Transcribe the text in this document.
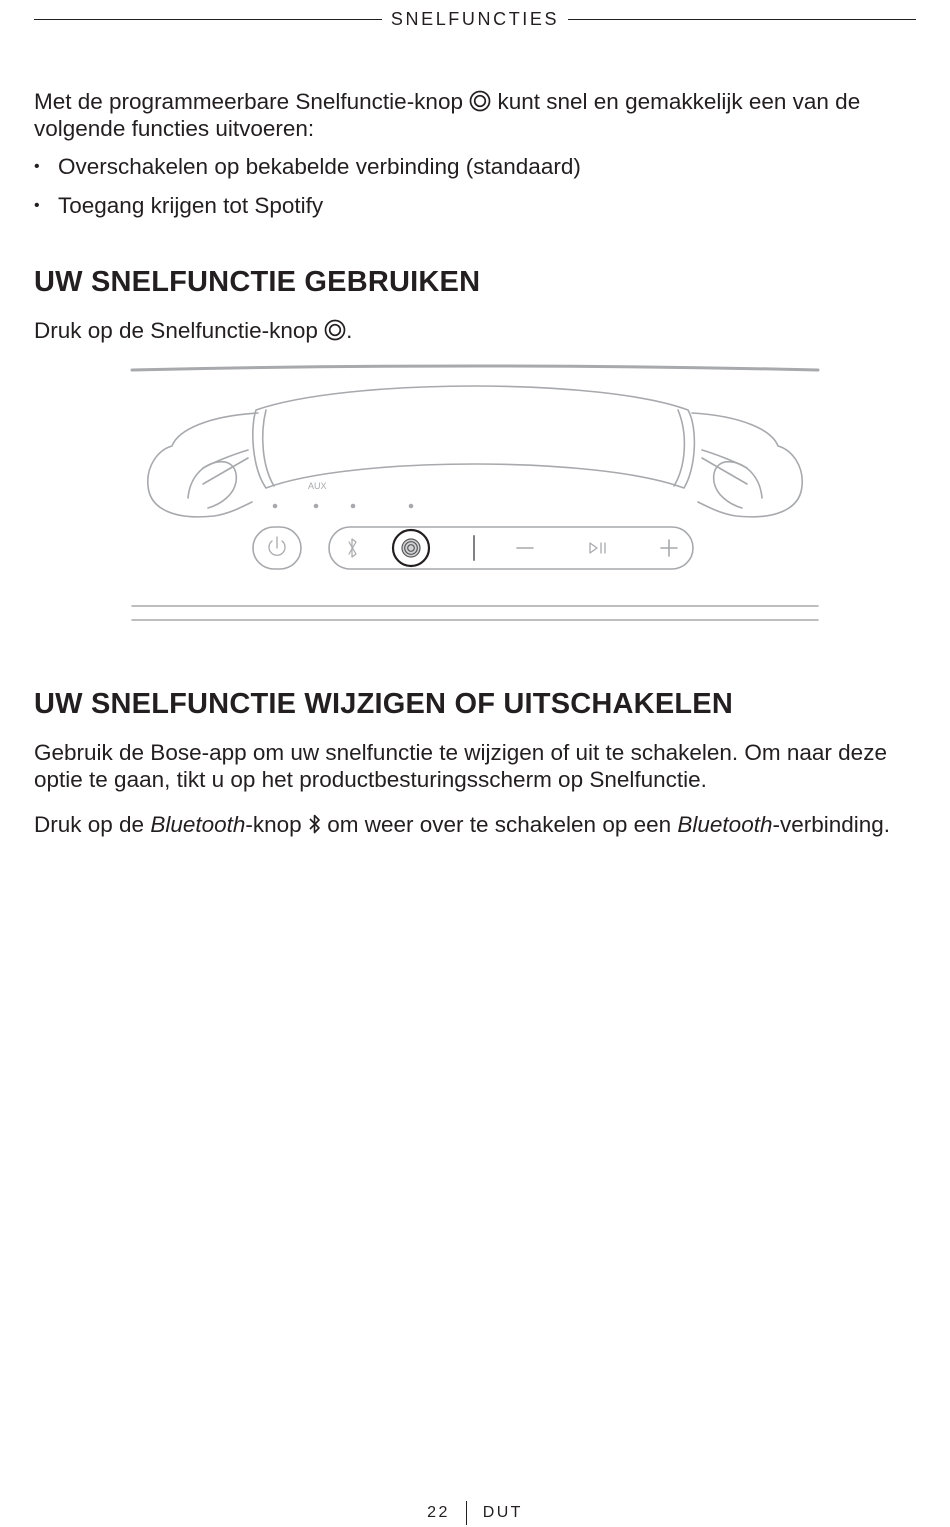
SNELFUNCTIES

Met de programmeerbare Snelfunctie-knop  kunt snel en gemakkelijk een van de volgende functies uitvoeren:

• Overschakelen op bekabelde verbinding (standaard)
• Toegang krijgen tot Spotify
UW SNELFUNCTIE GEBRUIKEN

Druk op de Snelfunctie-knop .

AUX
UW SNELFUNCTIE WIJZIGEN OF UITSCHAKELEN

Gebruik de Bose-app om uw snelfunctie te wijzigen of uit te schakelen. Om naar deze optie te gaan, tikt u op het productbesturingsscherm op Snelfunctie.

Druk op de Bluetooth-knop  om weer over te schakelen op een Bluetooth-verbinding.

22 DUT
